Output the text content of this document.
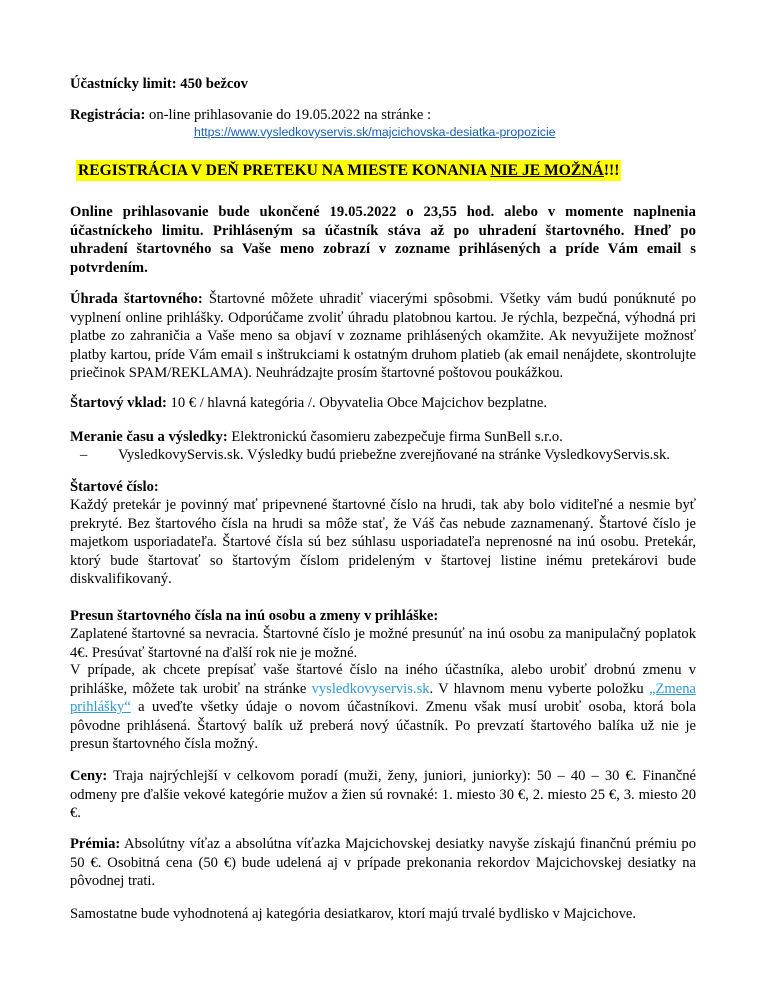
Účastnícky limit: 450 bežcov
Registrácia: on-line prihlasovanie do 19.05.2022 na stránke :
https://www.vysledkovyservis.sk/majcichovska-desiatka-propozicie
REGISTRÁCIA V DEŇ PRETEKU NA MIESTE KONANIA NIE JE MOŽNÁ!!!
Online prihlasovanie bude ukončené 19.05.2022 o 23,55 hod. alebo v momente naplnenia účastníckeho limitu. Prihláseným sa účastník stáva až po uhradení štartovného. Hneď po uhradení štartovného sa Vaše meno zobrazí v zozname prihlásených a príde Vám email s potvrdením.
Úhrada štartovného: Štartovné môžete uhradiť viacerými spôsobmi. Všetky vám budú ponúknuté po vyplnení online prihlášky. Odporúčame zvoliť úhradu platobnou kartou. Je rýchla, bezpečná, výhodná pri platbe zo zahraničia a Vaše meno sa objaví v zozname prihlásených okamžite. Ak nevyužijete možnosť platby kartou, príde Vám email s inštrukciami k ostatným druhom platieb (ak email nenájdete, skontrolujte priečinok SPAM/REKLAMA). Neuhrádzajte prosím štartovné poštovou poukážkou.
Štartový vklad: 10 € / hlavná kategória /. Obyvatelia Obce Majcichov bezplatne.
Meranie času a výsledky: Elektronickú časomieru zabezpečuje firma SunBell s.r.o.
– VysledkovyServis.sk. Výsledky budú priebežne zverejňované na stránke VysledkovyServis.sk.
Štartové číslo:
Každý pretekár je povinný mať pripevnené štartovné číslo na hrudi, tak aby bolo viditeľné a nesmie byť prekryté. Bez štartového čísla na hrudi sa môže stať, že Váš čas nebude zaznamenaný. Štartové číslo je majetkom usporiadateľa. Štartové čísla sú bez súhlasu usporiadateľa neprenosné na inú osobu. Pretekár, ktorý bude štartovať so štartovým číslom prideleným v štartovej listine inému pretekárovi bude diskvalifikovaný.
Presun štartovného čísla na inú osobu a zmeny v prihláške:
Zaplatené štartovné sa nevracia. Štartovné číslo je možné presunúť na inú osobu za manipulačný poplatok 4€. Presúvať štartovné na ďalší rok nie je možné.
V prípade, ak chcete prepísať vaše štartové číslo na iného účastníka, alebo urobiť drobnú zmenu v prihláške, môžete tak urobiť na stránke vysledkovyservis.sk. V hlavnom menu vyberte položku „Zmena prihlášky“ a uveďte všetky údaje o novom účastníkovi. Zmenu však musí urobiť osoba, ktorá bola pôvodne prihlásená. Štartový balík už preberá nový účastník. Po prevzatí štartového balíka už nie je presun štartovného čísla možný.
Ceny: Traja najrýchlejší v celkovom poradí (muži, ženy, juniori, juniorky): 50 – 40 – 30 €. Finančné odmeny pre ďalšie vekové kategórie mužov a žien sú rovnaké: 1. miesto 30 €, 2. miesto 25 €, 3. miesto 20 €.
Prémia: Absolútny víťaz a absolútna víťazka Majcichovskej desiatky navyše získajú finančnú prémiu po 50 €. Osobitná cena (50 €) bude udelená aj v prípade prekonania rekordov Majcichovskej desiatky na pôvodnej trati.
Samostatne bude vyhodnotená aj kategória desiatkarov, ktorí majú trvalé bydlisko v Majcichove.
